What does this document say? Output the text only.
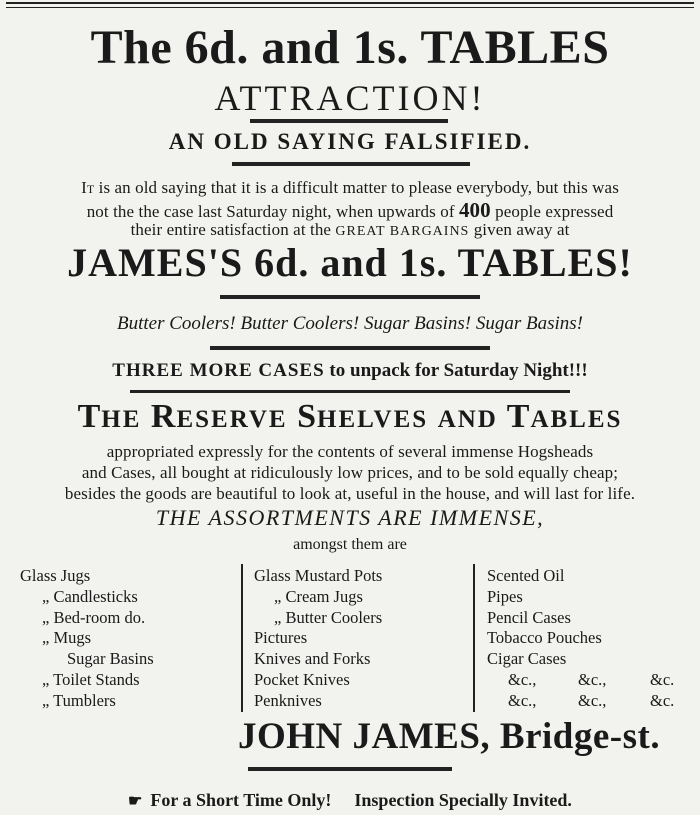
The 6d. and 1s. TABLES
ATTRACTION!
AN OLD SAYING FALSIFIED.
It is an old saying that it is a difficult matter to please everybody, but this was
not the the case last Saturday night, when upwards of 400 people expressed
their entire satisfaction at the GREAT BARGAINS given away at
JAMES'S 6d. and 1s. TABLES!
Butter Coolers! Butter Coolers! Sugar Basins! Sugar Basins!
THREE MORE CASES to unpack for Saturday Night!!!
THE RESERVE SHELVES AND TABLES
appropriated expressly for the contents of several immense Hogsheads
and Cases, all bought at ridiculously low prices, and to be sold equally cheap;
besides the goods are beautiful to look at, useful in the house, and will last for life.
THE ASSORTMENTS ARE IMMENSE,
amongst them are
Glass Jugs
„ Candlesticks
„ Bed-room do.
„ Mugs
Sugar Basins
„ Toilet Stands
„ Tumblers
Glass Mustard Pots
„ Cream Jugs
„ Butter Coolers
Pictures
Knives and Forks
Pocket Knives
Penknives
Scented Oil
Pipes
Pencil Cases
Tobacco Pouches
Cigar Cases
&c.,	&c.,	&c.
&c.,	&c.,	&c.
JOHN JAMES, Bridge-st.
☛ For a Short Time Only! Inspection Specially Invited.
